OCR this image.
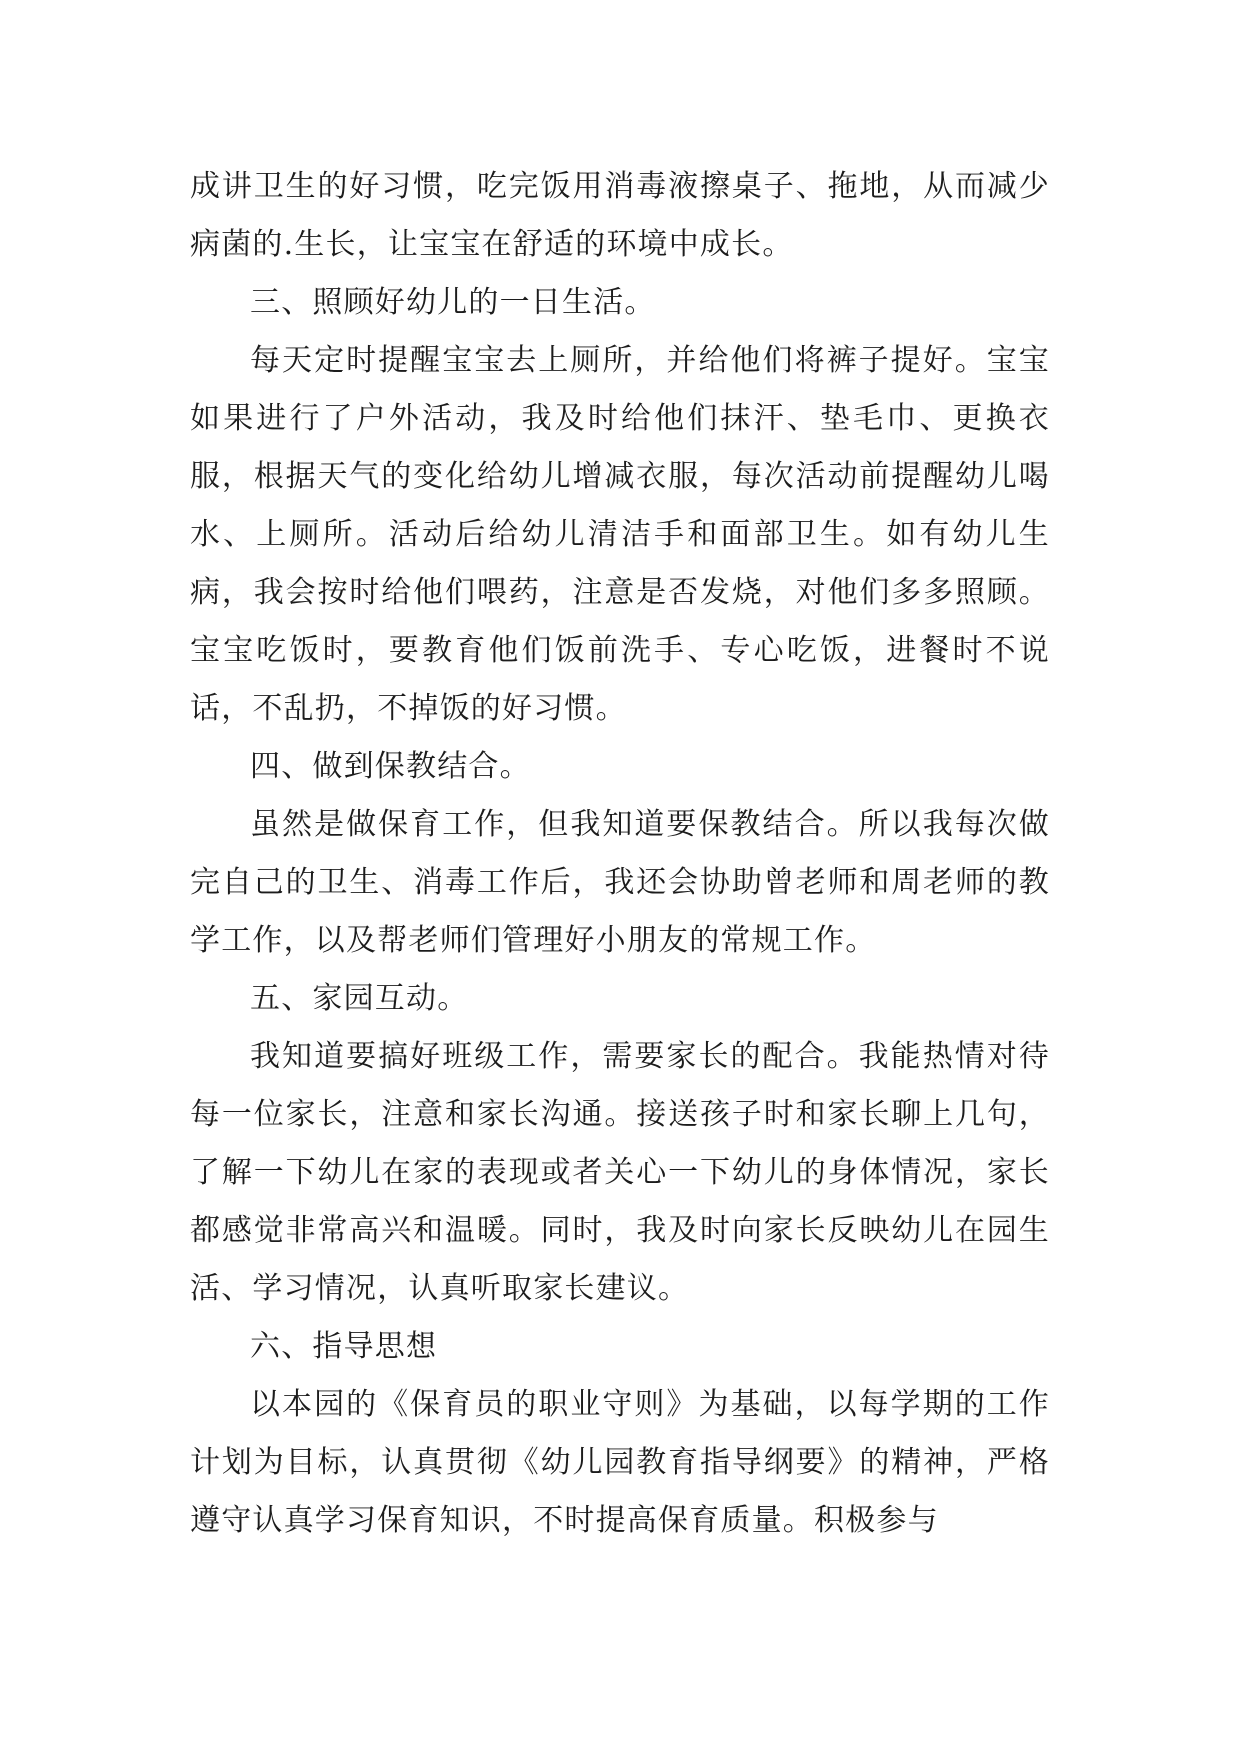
成讲卫生的好习惯，吃完饭用消毒液擦桌子、拖地，从而减少病菌的.生长，让宝宝在舒适的环境中成长。

三、照顾好幼儿的一日生活。

每天定时提醒宝宝去上厕所，并给他们将裤子提好。宝宝如果进行了户外活动，我及时给他们抹汗、垫毛巾、更换衣服，根据天气的变化给幼儿增减衣服，每次活动前提醒幼儿喝水、上厕所。活动后给幼儿清洁手和面部卫生。如有幼儿生病，我会按时给他们喂药，注意是否发烧，对他们多多照顾。宝宝吃饭时，要教育他们饭前洗手、专心吃饭，进餐时不说话，不乱扔，不掉饭的好习惯。

四、做到保教结合。

虽然是做保育工作，但我知道要保教结合。所以我每次做完自己的卫生、消毒工作后，我还会协助曾老师和周老师的教学工作，以及帮老师们管理好小朋友的常规工作。

五、家园互动。

我知道要搞好班级工作，需要家长的配合。我能热情对待每一位家长，注意和家长沟通。接送孩子时和家长聊上几句，了解一下幼儿在家的表现或者关心一下幼儿的身体情况，家长都感觉非常高兴和温暖。同时，我及时向家长反映幼儿在园生活、学习情况，认真听取家长建议。

六、指导思想

以本园的《保育员的职业守则》为基础，以每学期的工作计划为目标，认真贯彻《幼儿园教育指导纲要》的精神，严格遵守认真学习保育知识，不时提高保育质量。积极参与
